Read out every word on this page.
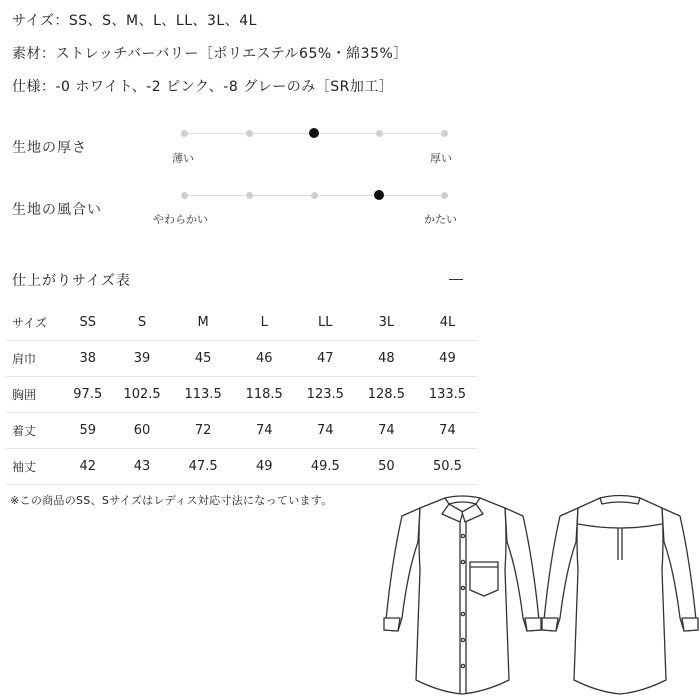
サイズ：SS、S、M、L、LL、3L、4L
素材：ストレッチバーバリー［ポリエステル65%・綿35%］
仕様：-0 ホワイト、-2 ピンク、-8 グレーのみ［SR加工］
生地の厚さ
薄い	厚い
生地の風合い
やわらかい	かたい
仕上がりサイズ表
サイズ	SS	S	M	L	LL	3L	4L
肩巾	38	39	45	46	47	48	49
胸囲	97.5	102.5	113.5	118.5	123.5	128.5	133.5
着丈	59	60	72	74	74	74	74
袖丈	42	43	47.5	49	49.5	50	50.5
※この商品のSS、Sサイズはレディス対応寸法になっています。
